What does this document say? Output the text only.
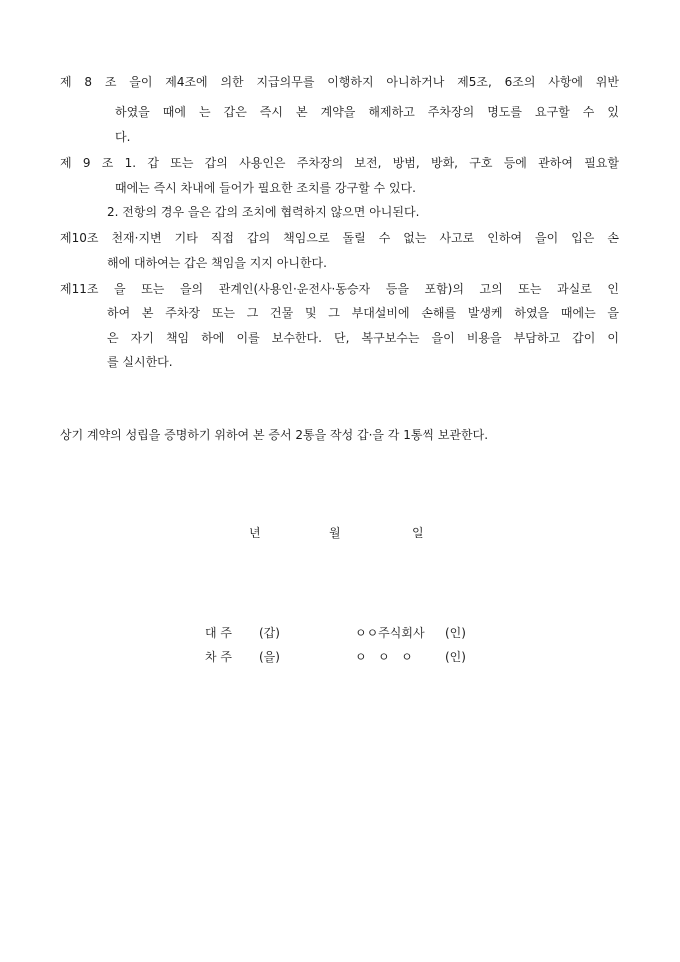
제 8 조 을이 제4조에 의한 지급의무를 이행하지 아니하거나 제5조, 6조의 사항에 위반
하였을 때에 는 갑은 즉시 본 계약을 해제하고 주차장의 명도를 요구할 수 있
다.
제 9 조 1. 갑 또는 갑의 사용인은 주차장의 보전, 방범, 방화, 구호 등에 관하여 필요할
때에는 즉시 차내에 들어가 필요한 조치를 강구할 수 있다.
2. 전항의 경우 을은 갑의 조치에 협력하지 않으면 아니된다.
제10조 천재·지변 기타 직접 갑의 책임으로 돌릴 수 없는 사고로 인하여 을이 입은 손
해에 대하여는 갑은 책임을 지지 아니한다.
제11조 을 또는 을의 관계인(사용인·운전사·동승자 등을 포함)의 고의 또는 과실로 인
하여 본 주차장 또는 그 건물 및 그 부대설비에 손해를 발생케 하였을 때에는 을
은 자기 책임 하에 이를 보수한다. 단, 복구보수는 을이 비용을 부담하고 갑이 이
를 실시한다.
상기 계약의 성립을 증명하기 위하여 본 증서 2통을 작성 갑·을 각 1통씩 보관한다.
년	월	일
대 주 (갑)	ㅇㅇ주식회사 (인)
차 주 (을)	ㅇ   ㅇ   ㅇ	(인)
